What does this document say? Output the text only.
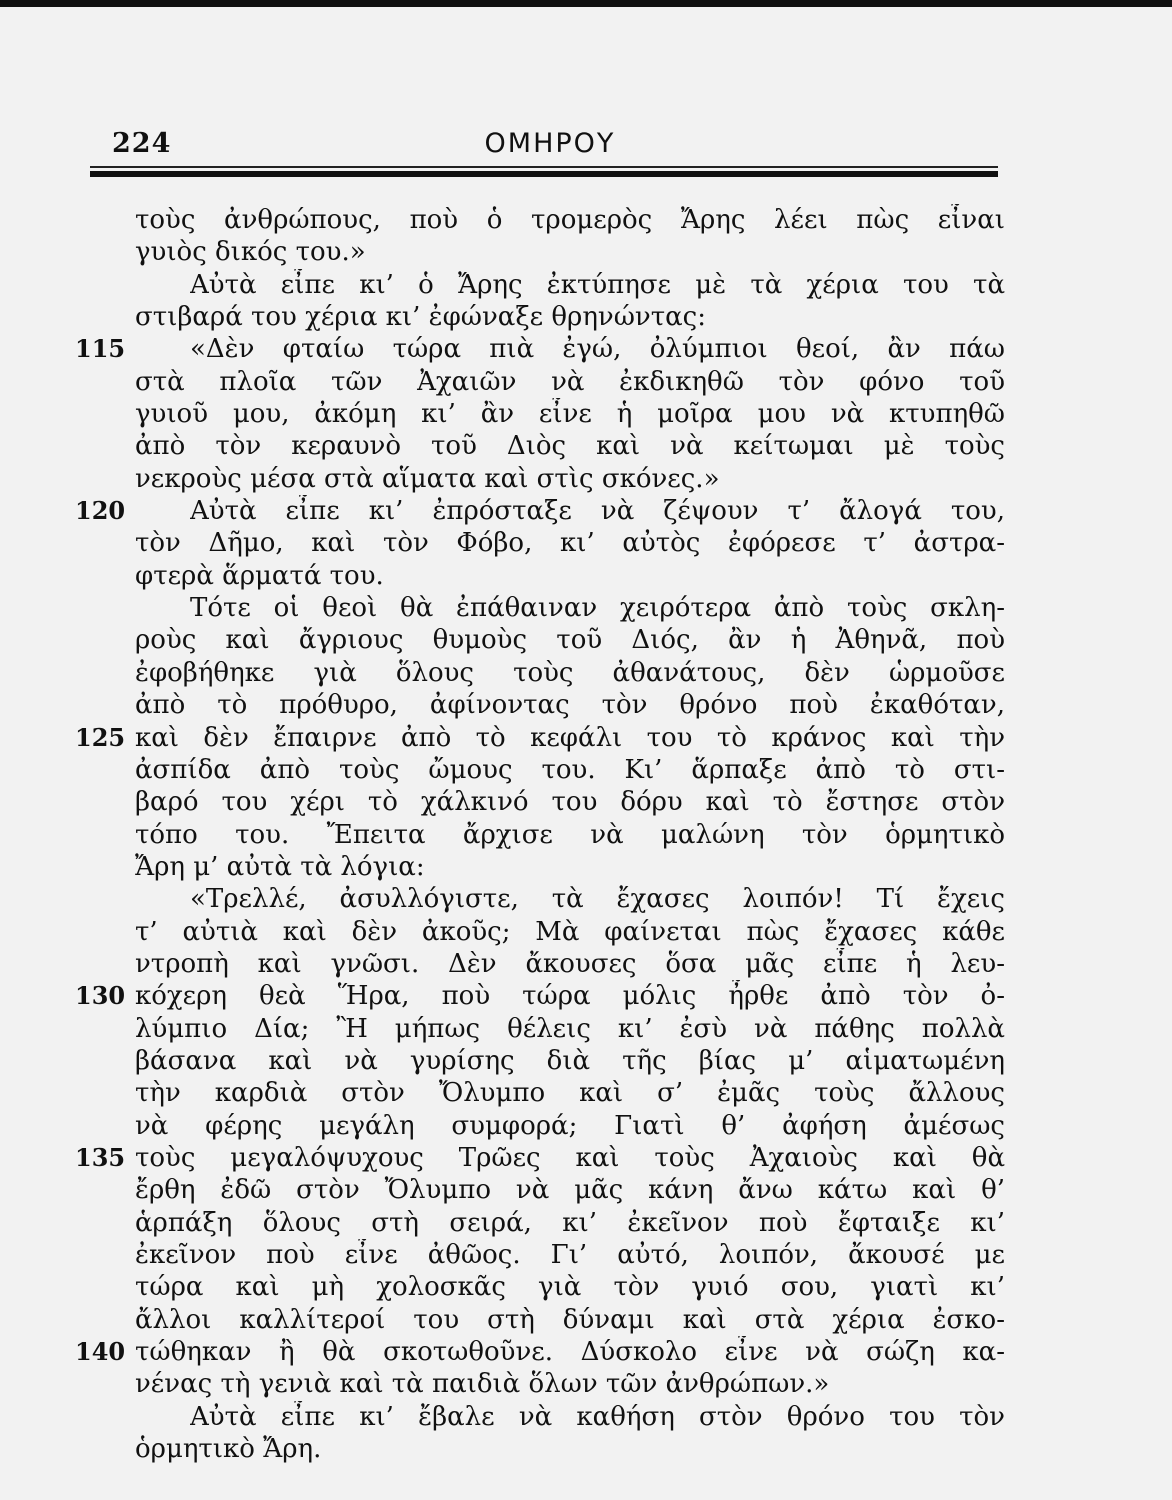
224	ΟΜΗΡΟΥ
τοὺς ἀνθρώπους, ποὺ ὁ τρομερὸς Ἄρης λέει πὼς εἶναι
γυιὸς δικός του.»
Αὐτὰ εἶπε κι’ ὁ Ἄρης ἐκτύπησε μὲ τὰ χέρια του τὰ
στιβαρά του χέρια κι’ ἐφώναξε θρηνώντας:
115 «Δὲν φταίω τώρα πιὰ ἐγώ, ὀλύμπιοι θεοί, ἂν πάω
στὰ πλοῖα τῶν Ἀχαιῶν νὰ ἐκδικηθῶ τὸν φόνο τοῦ
γυιοῦ μου, ἀκόμη κι’ ἂν εἶνε ἡ μοῖρα μου νὰ κτυπηθῶ
ἀπὸ τὸν κεραυνὸ τοῦ Διὸς καὶ νὰ κείτωμαι μὲ τοὺς
νεκροὺς μέσα στὰ αἵματα καὶ στὶς σκόνες.»
120 Αὐτὰ εἶπε κι’ ἐπρόσταξε νὰ ζέψουν τ’ ἄλογά του,
τὸν Δῆμο, καὶ τὸν Φόβο, κι’ αὐτὸς ἐφόρεσε τ’ ἀστρα-
φτερὰ ἅρματά του.
Τότε οἱ θεοὶ θὰ ἐπάθαιναν χειρότερα ἀπὸ τοὺς σκλη-
ροὺς καὶ ἄγριους θυμοὺς τοῦ Διός, ἂν ἡ Ἀθηνᾶ, ποὺ
ἐφοβήθηκε γιὰ ὅλους τοὺς ἀθανάτους, δὲν ὡρμοῦσε
ἀπὸ τὸ πρόθυρο, ἀφίνοντας τὸν θρόνο ποὺ ἐκαθόταν,
125 καὶ δὲν ἔπαιρνε ἀπὸ τὸ κεφάλι του τὸ κράνος καὶ τὴν
ἀσπίδα ἀπὸ τοὺς ὤμους του. Κι’ ἅρπαξε ἀπὸ τὸ στι-
βαρό του χέρι τὸ χάλκινό του δόρυ καὶ τὸ ἔστησε στὸν
τόπο του. Ἔπειτα ἄρχισε νὰ μαλώνη τὸν ὁρμητικὸ
Ἄρη μ’ αὐτὰ τὰ λόγια:
«Τρελλέ, ἀσυλλόγιστε, τὰ ἔχασες λοιπόν! Τί ἔχεις
τ’ αὐτιὰ καὶ δὲν ἀκοῦς; Μὰ φαίνεται πὼς ἔχασες κάθε
ντροπὴ καὶ γνῶσι. Δὲν ἄκουσες ὅσα μᾶς εἶπε ἡ λευ-
130 κόχερη θεὰ Ἥρα, ποὺ τώρα μόλις ἦρθε ἀπὸ τὸν ὀ-
λύμπιο Δία; Ἢ μήπως θέλεις κι’ ἐσὺ νὰ πάθης πολλὰ
βάσανα καὶ νὰ γυρίσης διὰ τῆς βίας μ’ αἱματωμένη
τὴν καρδιὰ στὸν Ὄλυμπο καὶ σ’ ἐμᾶς τοὺς ἄλλους
νὰ φέρης μεγάλη συμφορά; Γιατὶ θ’ ἀφήση ἀμέσως
135 τοὺς μεγαλόψυχους Τρῶες καὶ τοὺς Ἀχαιοὺς καὶ θὰ
ἔρθη ἐδῶ στὸν Ὄλυμπο νὰ μᾶς κάνη ἄνω κάτω καὶ θ’
ἁρπάξη ὅλους στὴ σειρά, κι’ ἐκεῖνον ποὺ ἔφταιξε κι’
ἐκεῖνον ποὺ εἶνε ἀθῶος. Γι’ αὐτό, λοιπόν, ἄκουσέ με
τώρα καὶ μὴ χολοσκᾶς γιὰ τὸν γυιό σου, γιατὶ κι’
ἄλλοι καλλίτεροί του στὴ δύναμι καὶ στὰ χέρια ἐσκο-
140 τώθηκαν ἢ θὰ σκοτωθοῦνε. Δύσκολο εἶνε νὰ σώζη κα-
νένας τὴ γενιὰ καὶ τὰ παιδιὰ ὅλων τῶν ἀνθρώπων.»
Αὐτὰ εἶπε κι’ ἔβαλε νὰ καθήση στὸν θρόνο του τὸν
ὁρμητικὸ Ἄρη.
